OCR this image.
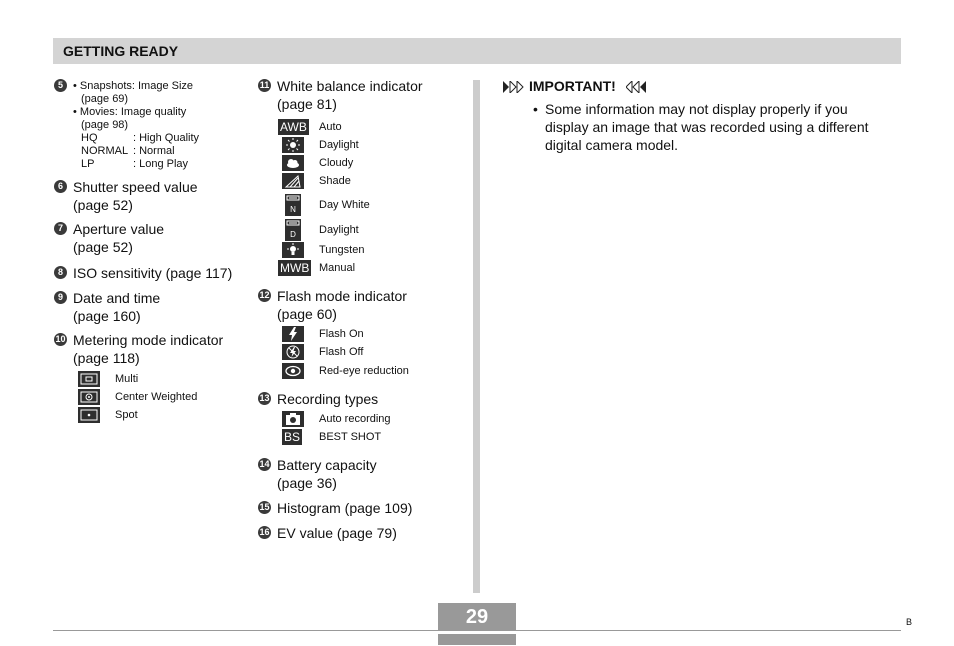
GETTING READY
5 • Snapshots: Image Size
(page 69)
• Movies: Image quality
(page 98)
HQ	: High Quality
NORMAL : Normal
LP	: Long Play
6 Shutter speed value
(page 52)
7 Aperture value
(page 52)
8 ISO sensitivity (page 117)
9 Date and time
(page 160)
10 Metering mode indicator
(page 118)
Multi
Center Weighted
Spot
11 White balance indicator
(page 81)
AWB Auto
Daylight
Cloudy
Shade
N Day White
D Daylight
Tungsten
MWB Manual
12 Flash mode indicator
(page 60)
Flash On
Flash Off
Red-eye reduction
13 Recording types
Auto recording
BS BEST SHOT
14 Battery capacity
(page 36)
15 Histogram (page 109)
16 EV value (page 79)
IMPORTANT!
• Some information may not display properly if you
display an image that was recorded using a different
digital camera model.
29	B
